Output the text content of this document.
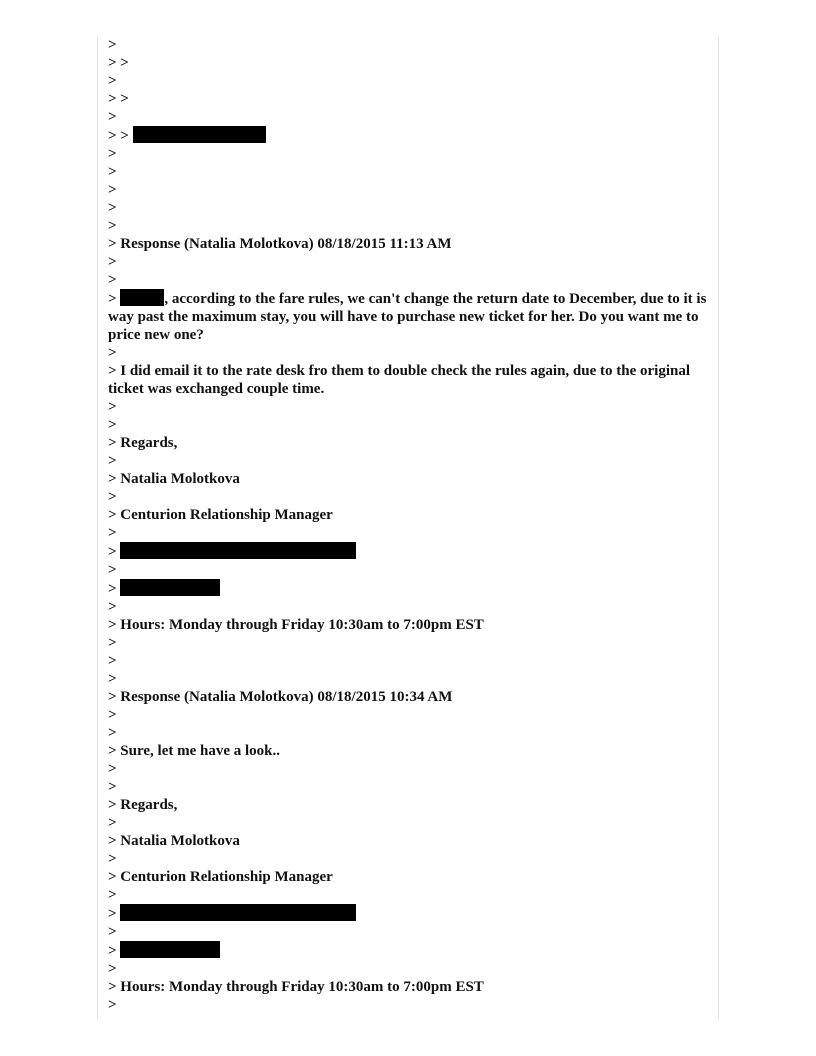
>
> >
>
> >
>
> >
>
>
>
>
>
> Response (Natalia Molotkova) 08/18/2015 11:13 AM
>
>
>	, according to the fare rules, we can't change the return date to December, due to it is way past the maximum stay, you will have to purchase new ticket for her. Do you want me to price new one?
>
> I did email it to the rate desk fro them to double check the rules again, due to the original ticket was exchanged couple time.
>
>
> Regards,
>
> Natalia Molotkova
>
> Centurion Relationship Manager
>
>
>
>
>
> Hours: Monday through Friday 10:30am to 7:00pm EST
>
>
>
> Response (Natalia Molotkova) 08/18/2015 10:34 AM
>
>
> Sure, let me have a look..
>
>
> Regards,
>
> Natalia Molotkova
>
> Centurion Relationship Manager
>
>
>
>
>
> Hours: Monday through Friday 10:30am to 7:00pm EST
>
